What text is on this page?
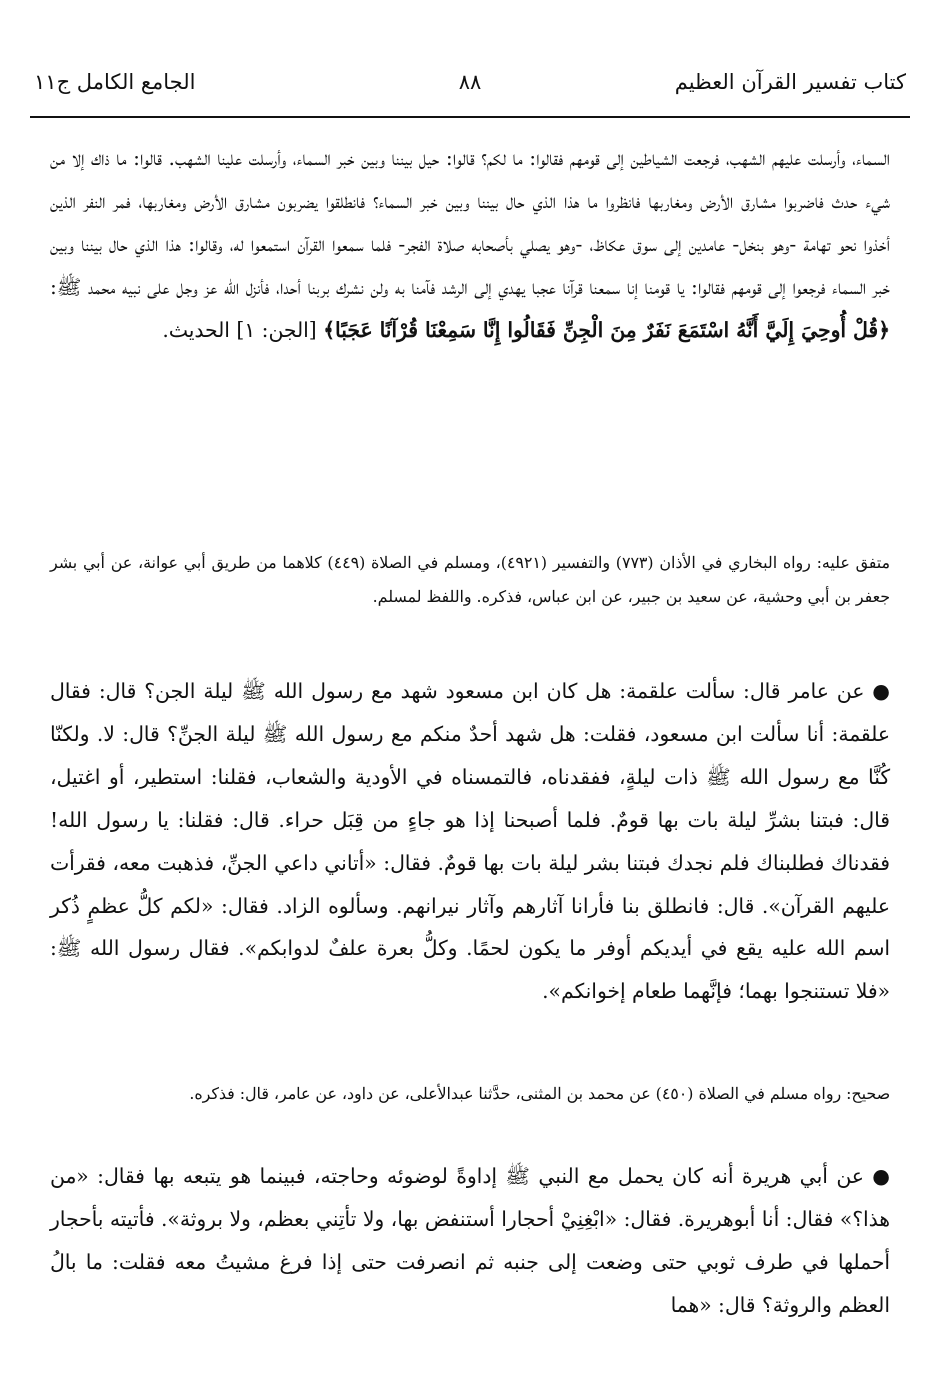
كتاب تفسير القرآن العظيم
٨٨
الجامع الكامل ج١١

السماء، وأرسلت عليهم الشهب، فرجعت الشياطين إلى قومهم فقالوا: ما لكم؟ قالوا: حيل بيننا وبين خبر السماء، وأرسلت علينا الشهب. قالوا: ما ذاك إلا من شيء حدث فاضربوا مشارق الأرض ومغاربها فانظروا ما هذا الذي حال بيننا وبين خبر السماء؟ فانطلقوا يضربون مشارق الأرض ومغاربها، فمر النفر الذين أخذوا نحو تهامة -وهو بنخل- عامدين إلى سوق عكاظ، -وهو يصلي بأصحابه صلاة الفجر- فلما سمعوا القرآن استمعوا له، وقالوا: هذا الذي حال بيننا وبين خبر السماء فرجعوا إلى قومهم فقالوا: يا قومنا إنا سمعنا قرآنا عجبا يهدي إلى الرشد فآمنا به ولن نشرك بربنا أحدا، فأنزل الله عز وجل على نبيه محمد ﷺ: ﴿قُلْ أُوحِيَ إِلَيَّ أَنَّهُ اسْتَمَعَ نَفَرٌ مِنَ الْجِنِّ فَقَالُوا إِنَّا سَمِعْنَا قُرْآنًا عَجَبًا﴾ [الجن: ١] الحديث.

متفق عليه: رواه البخاري في الأذان (٧٧٣) والتفسير (٤٩٢١)، ومسلم في الصلاة (٤٤٩) كلاهما من طريق أبي عوانة، عن أبي بشر جعفر بن أبي وحشية، عن سعيد بن جبير، عن ابن عباس، فذكره. واللفظ لمسلم.

● عن عامر قال: سألت علقمة: هل كان ابن مسعود شهد مع رسول الله ﷺ ليلة الجن؟ قال: فقال علقمة: أنا سألت ابن مسعود، فقلت: هل شهد أحدٌ منكم مع رسول الله ﷺ ليلة الجنِّ؟ قال: لا. ولكنّا كُنَّا مع رسول الله ﷺ ذات ليلةٍ، ففقدناه، فالتمسناه في الأودية والشعاب، فقلنا: استطير، أو اغتيل، قال: فبتنا بشرِّ ليلة بات بها قومٌ. فلما أصبحنا إذا هو جاءٍ من قِبَل حراء. قال: فقلنا: يا رسول الله! فقدناك فطلبناك فلم نجدك فبتنا بشر ليلة بات بها قومٌ. فقال: «أتاني داعي الجنِّ، فذهبت معه، فقرأت عليهم القرآن». قال: فانطلق بنا فأرانا آثارهم وآثار نيرانهم. وسألوه الزاد. فقال: «لكم كلُّ عظمٍ ذُكر اسم الله عليه يقع في أيديكم أوفر ما يكون لحمًا. وكلُّ بعرة علفٌ لدوابكم». فقال رسول الله ﷺ: «فلا تستنجوا بهما؛ فإنَّهما طعام إخوانكم».

صحيح: رواه مسلم في الصلاة (٤٥٠) عن محمد بن المثنى، حدَّثنا عبدالأعلى، عن داود، عن عامر، قال: فذكره.

● عن أبي هريرة أنه كان يحمل مع النبي ﷺ إداوةً لوضوئه وحاجته، فبينما هو يتبعه بها فقال: «من هذا؟» فقال: أنا أبوهريرة. فقال: «ابْغِنِيْ أحجارا أستنفض بها، ولا تأتِني بعظم، ولا بروثة». فأتيته بأحجار أحملها في طرف ثوبي حتى وضعت إلى جنبه ثم انصرفت حتى إذا فرغ مشيتُ معه فقلت: ما بالُ العظم والروثة؟ قال: «هما
